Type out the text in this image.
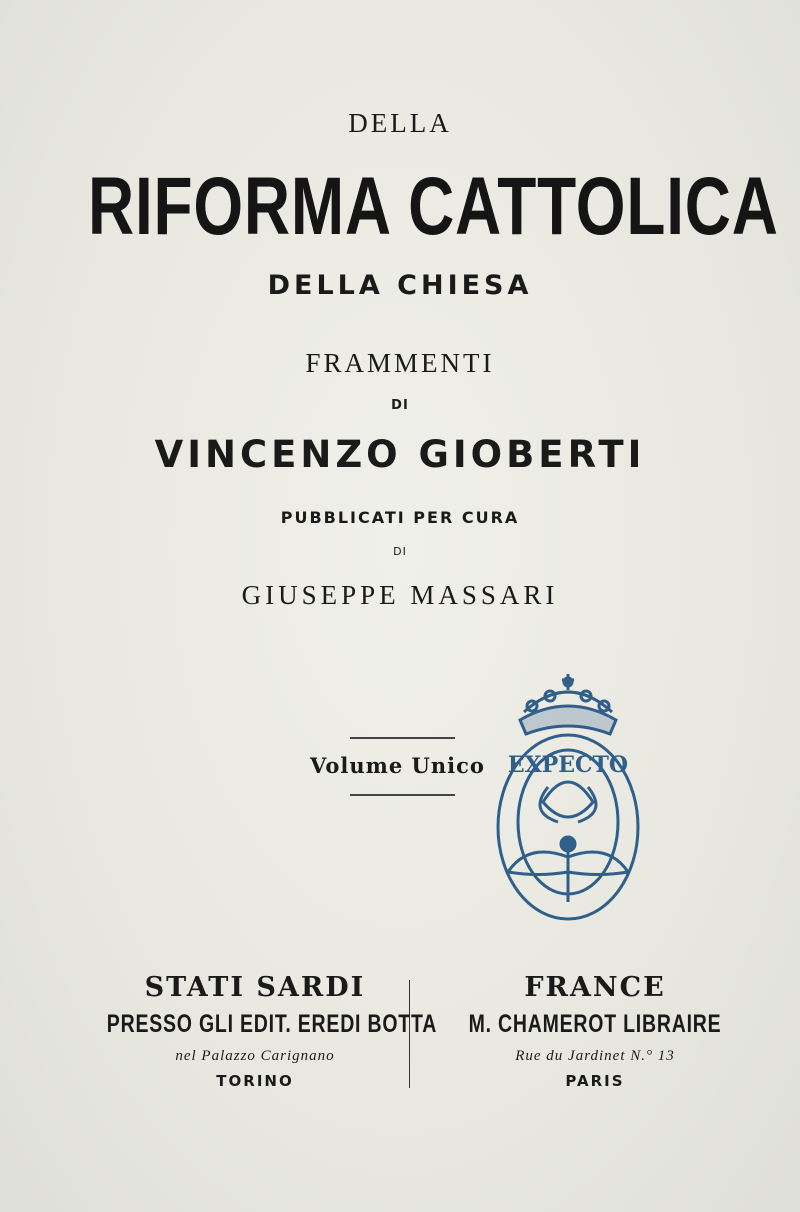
DELLA
RIFORMA CATTOLICA
DELLA CHIESA
FRAMMENTI
DI
VINCENZO GIOBERTI
PUBBLICATI PER CURA
DI
GIUSEPPE MASSARI
Volume Unico EXPECTO
STATI SARDI
PRESSO GLI EDIT. EREDI BOTTA
nel Palazzo Carignano
TORINO
FRANCE
M. CHAMEROT LIBRAIRE
Rue du Jardinet N.° 13
PARIS
